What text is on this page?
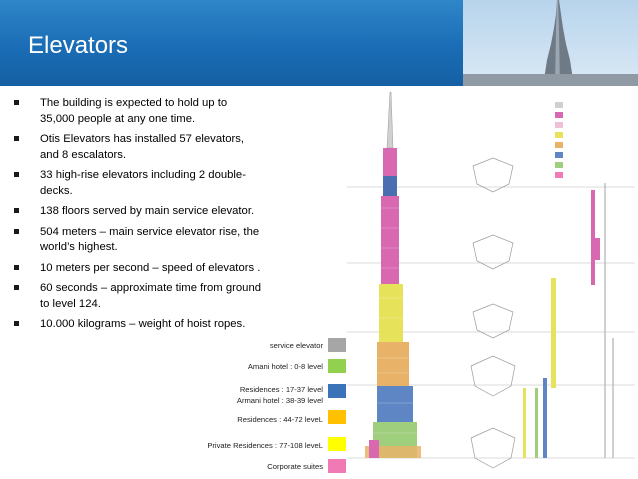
Elevators
The building is expected to hold up to 35,000 people at any one time.
Otis Elevators has installed 57 elevators, and 8 escalators.
33 high-rise elevators including 2 double-decks.
138 floors served by main service elevator.
504 meters – main service elevator rise, the world’s highest.
10 meters per second – speed of elevators .
60 seconds – approximate time from ground to level 124.
10.000 kilograms – weight of hoist ropes.
service elevator
Amani hotel : 0-8 level
Residences : 17-37 level
Armani hotel : 38-39 level
Residences : 44-72 leveL
Private Residences : 77-108 leveL
Corporate suites
